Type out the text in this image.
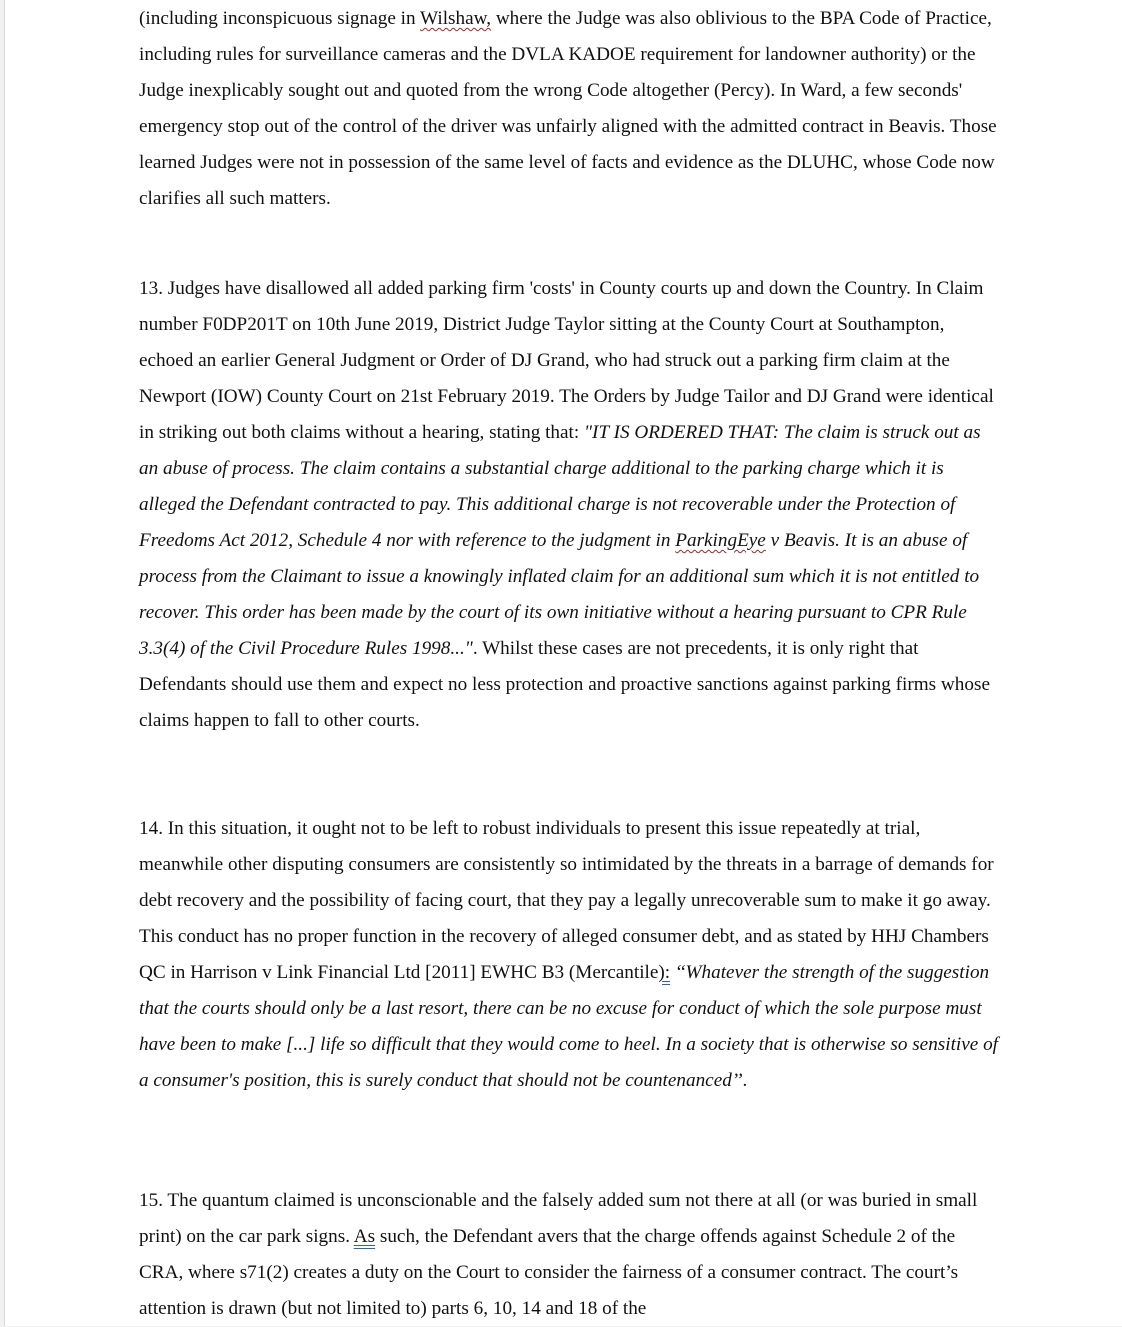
(including inconspicuous signage in Wilshaw, where the Judge was also oblivious to the BPA Code of Practice, including rules for surveillance cameras and the DVLA KADOE requirement for landowner authority) or the Judge inexplicably sought out and quoted from the wrong Code altogether (Percy). In Ward, a few seconds' emergency stop out of the control of the driver was unfairly aligned with the admitted contract in Beavis. Those learned Judges were not in possession of the same level of facts and evidence as the DLUHC, whose Code now clarifies all such matters.

13. Judges have disallowed all added parking firm 'costs' in County courts up and down the Country. In Claim number F0DP201T on 10th June 2019, District Judge Taylor sitting at the County Court at Southampton, echoed an earlier General Judgment or Order of DJ Grand, who had struck out a parking firm claim at the Newport (IOW) County Court on 21st February 2019. The Orders by Judge Tailor and DJ Grand were identical in striking out both claims without a hearing, stating that: "IT IS ORDERED THAT: The claim is struck out as an abuse of process. The claim contains a substantial charge additional to the parking charge which it is alleged the Defendant contracted to pay. This additional charge is not recoverable under the Protection of Freedoms Act 2012, Schedule 4 nor with reference to the judgment in ParkingEye v Beavis. It is an abuse of process from the Claimant to issue a knowingly inflated claim for an additional sum which it is not entitled to recover. This order has been made by the court of its own initiative without a hearing pursuant to CPR Rule 3.3(4) of the Civil Procedure Rules 1998...". Whilst these cases are not precedents, it is only right that Defendants should use them and expect no less protection and proactive sanctions against parking firms whose claims happen to fall to other courts.

14. In this situation, it ought not to be left to robust individuals to present this issue repeatedly at trial, meanwhile other disputing consumers are consistently so intimidated by the threats in a barrage of demands for debt recovery and the possibility of facing court, that they pay a legally unrecoverable sum to make it go away. This conduct has no proper function in the recovery of alleged consumer debt, and as stated by HHJ Chambers QC in Harrison v Link Financial Ltd [2011] EWHC B3 (Mercantile): ‘‘Whatever the strength of the suggestion that the courts should only be a last resort, there can be no excuse for conduct of which the sole purpose must have been to make [...] life so difficult that they would come to heel. In a society that is otherwise so sensitive of a consumer's position, this is surely conduct that should not be countenanced’’.

15. The quantum claimed is unconscionable and the falsely added sum not there at all (or was buried in small print) on the car park signs. As such, the Defendant avers that the charge offends against Schedule 2 of the CRA, where s71(2) creates a duty on the Court to consider the fairness of a consumer contract. The court’s attention is drawn (but not limited to) parts 6, 10, 14 and 18 of the
